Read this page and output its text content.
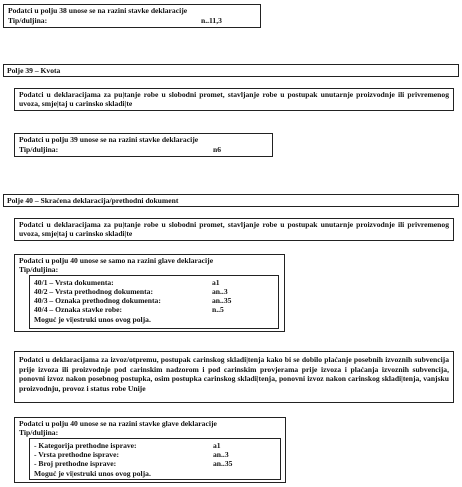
Podatci u polju 38 unose se na razini stavke deklaracije
Tip/duljina:	n..11,3
Polje 39 – Kvota
Podatci u deklaracijama za pu|tanje robe u slobodni promet, stavljanje robe u postupak unutarnje proizvodnje ili privremenog uvoza, smje|taj u carinsko skladi|te
Podatci u polju 39 unose se na razini stavke deklaracije
Tip/duljina:	n6
Polje 40 – Skraćena deklaracija/prethodni dokument
Podatci u deklaracijama za pu|tanje robe u slobodni promet, stavljanje robe u postupak unutarnje proizvodnje ili privremenog uvoza, smje|taj u carinsko skladi|te
Podatci u polju 40 unose se samo na razini glave deklaracije
Tip/duljina:
40/1 – Vrsta dokumenta:	a1
40/2 – Vrsta prethodnog dokumenta:	an..3
40/3 – Oznaka prethodnog dokumenta:	an..35
40/4 – Oznaka stavke robe:	n..5
Moguć je vi|estruki unos ovog polja.
Podatci u deklaracijama za izvoz/otpremu, postupak carinskog skladi|tenja kako bi se dobilo plaćanje posebnih izvoznih subvencija prije izvoza ili proizvodnje pod carinskim nadzorom i pod carinskim provjerama prije izvoza i plaćanja izvoznih subvencija, ponovni izvoz nakon posebnog postupka, osim postupka carinskog skladi|tenja, ponovni izvoz nakon carinskog skladi|tenja, vanjsku proizvodnju, provoz i status robe Unije
Podatci u polju 40 unose se na razini stavke glave deklaracije
Tip/duljina:
- Kategorija prethodne isprave:	a1
- Vrsta prethodne isprave:	an..3
- Broj prethodne isprave:	an..35
Moguć je vi|estruki unos ovog polja.
